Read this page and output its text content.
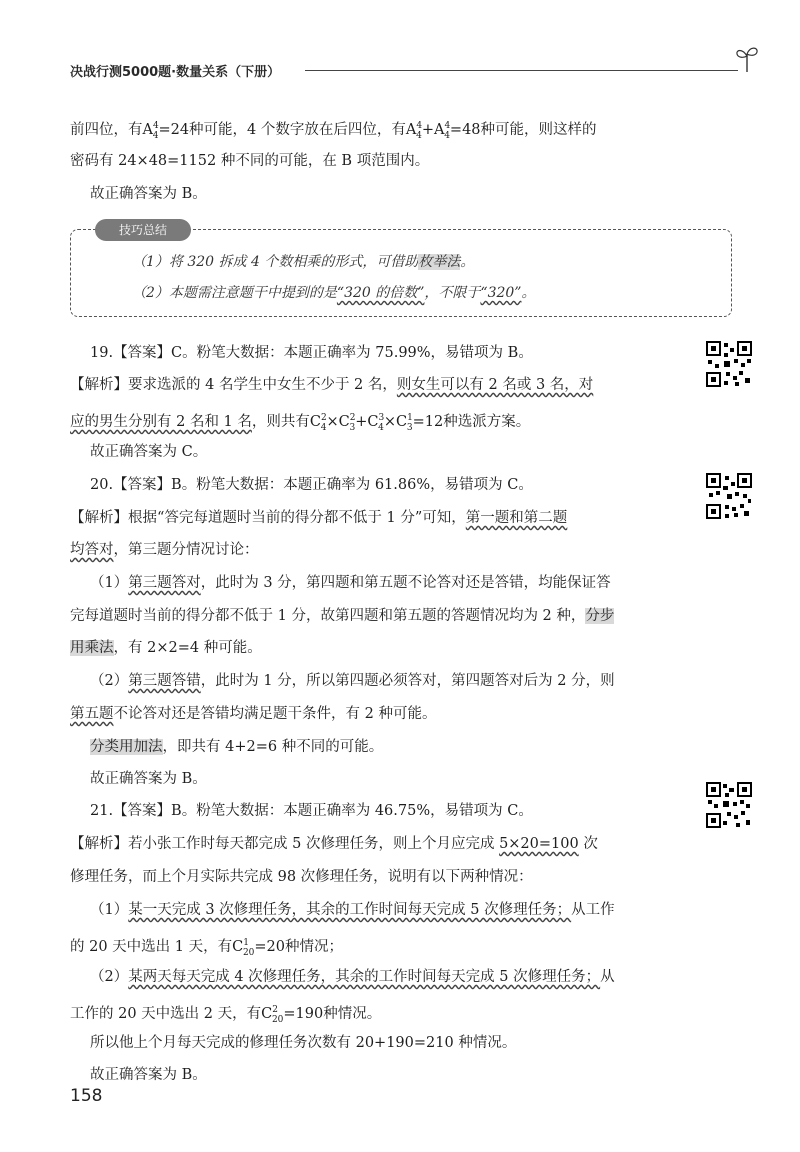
决战行测5000题·数量关系（下册）
前四位，有$A^4_4=24$种可能，4 个数字放在后四位，有$A^4_4+A^4_4=48$种可能，则这样的
密码有 24×48=1152 种不同的可能，在 B 项范围内。
故正确答案为 B。
技巧总结
（1）将 320 拆成 4 个数相乘的形式，可借助枚举法。
（2）本题需注意题干中提到的是“320 的倍数”，不限于“320”。
19.【答案】C。粉笔大数据：本题正确率为 75.99%，易错项为 B。
【解析】要求选派的 4 名学生中女生不少于 2 名，则女生可以有 2 名或 3 名，对
应的男生分别有 2 名和 1 名，则共有$C^2_4\times C^2_3+C^3_4\times C^1_3=12$种选派方案。
故正确答案为 C。
20.【答案】B。粉笔大数据：本题正确率为 61.86%，易错项为 C。
【解析】根据“答完每道题时当前的得分都不低于 1 分”可知，第一题和第二题
均答对，第三题分情况讨论：
（1）第三题答对，此时为 3 分，第四题和第五题不论答对还是答错，均能保证答
完每道题时当前的得分都不低于 1 分，故第四题和第五题的答题情况均为 2 种，分步
用乘法，有 2×2=4 种可能。
（2）第三题答错，此时为 1 分，所以第四题必须答对，第四题答对后为 2 分，则
第五题不论答对还是答错均满足题干条件，有 2 种可能。
分类用加法，即共有 4+2=6 种不同的可能。
故正确答案为 B。
21.【答案】B。粉笔大数据：本题正确率为 46.75%，易错项为 C。
【解析】若小张工作时每天都完成 5 次修理任务，则上个月应完成 5×20=100 次
修理任务，而上个月实际共完成 98 次修理任务，说明有以下两种情况：
（1）某一天完成 3 次修理任务，其余的工作时间每天完成 5 次修理任务；从工作
的 20 天中选出 1 天，有$C^1_{20}=20$种情况；
（2）某两天每天完成 4 次修理任务，其余的工作时间每天完成 5 次修理任务；从
工作的 20 天中选出 2 天，有$C^2_{20}=190$种情况。
所以他上个月每天完成的修理任务次数有 20+190=210 种情况。
故正确答案为 B。
158
